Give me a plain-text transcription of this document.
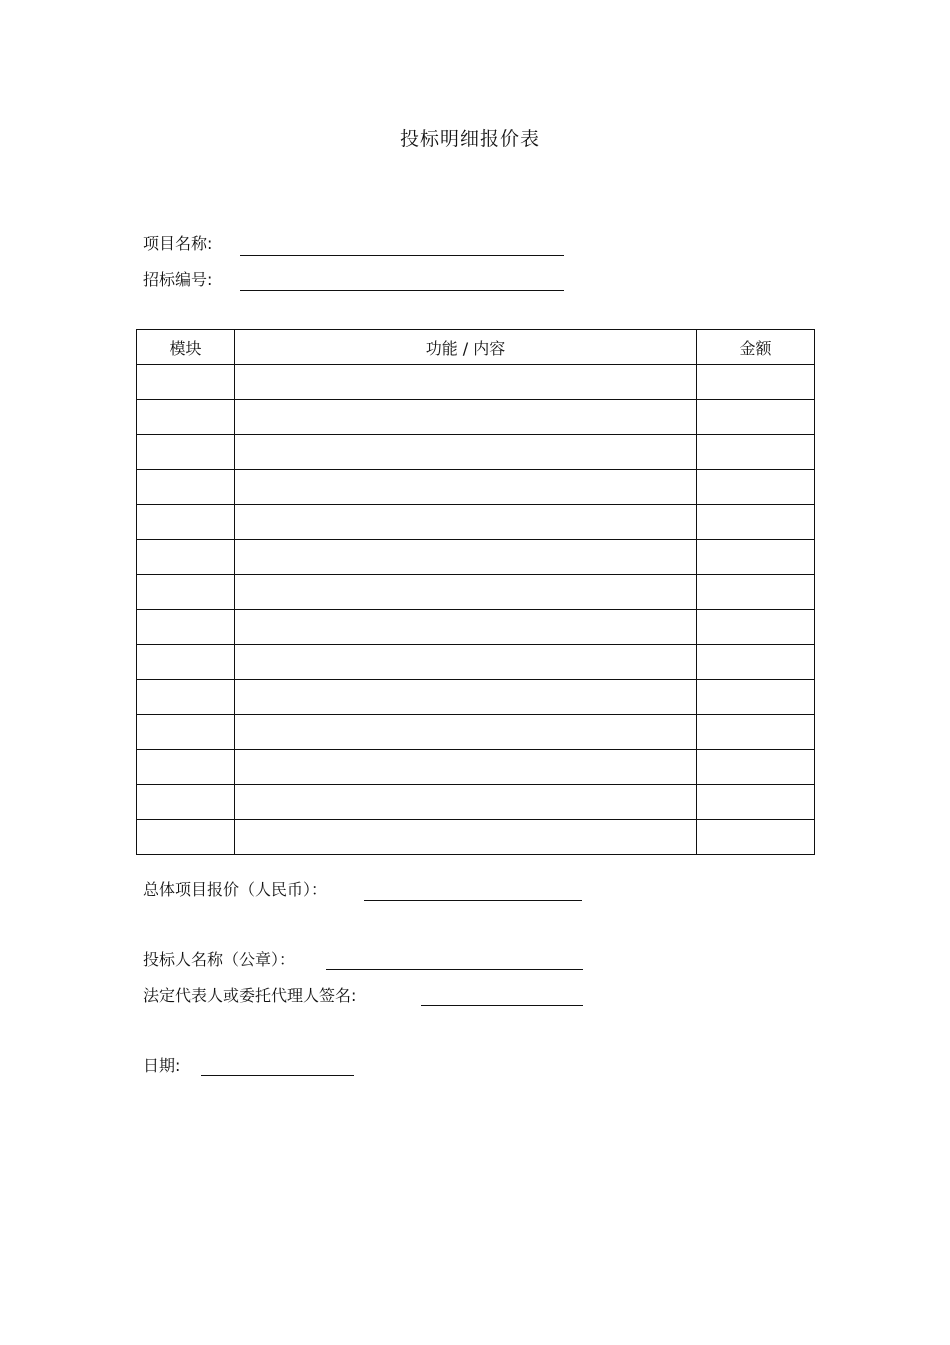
投标明细报价表
项目名称:
招标编号:
模块	功能 / 内容	金额

总体项目报价（人民币）：
投标人名称（公章）：
法定代表人或委托代理人签名:
日期:
